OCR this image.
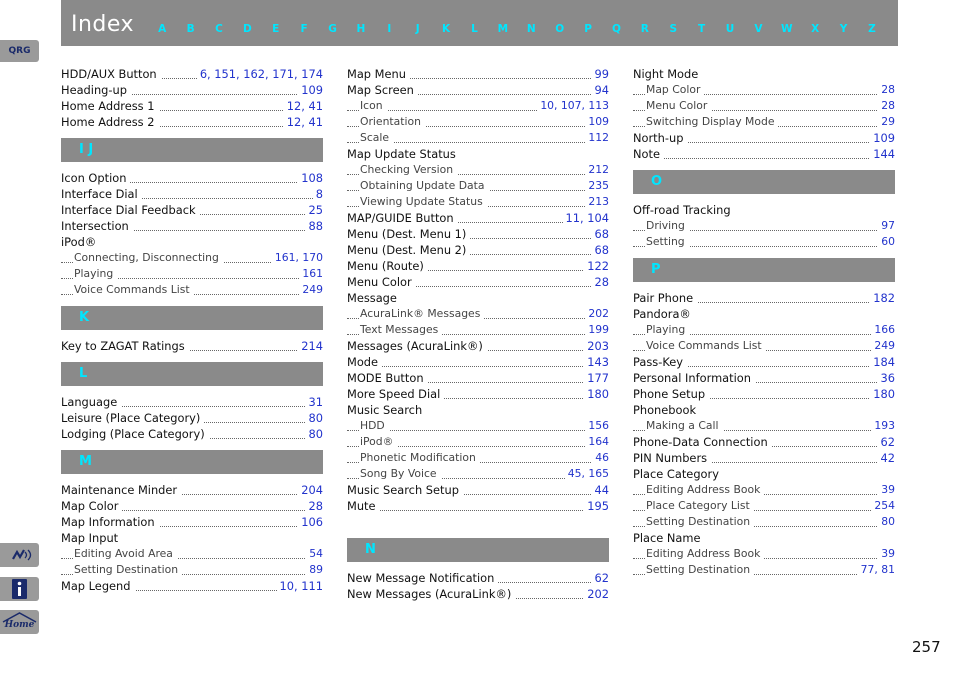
Index	A	B	C	D	E	F	G	H	I	J	K	L	M	N	O	P	Q	R	S	T	U	V	W	X	Y	Z
QRG
Home
HDD/AUX Button	6, 151, 162, 171, 174
Heading-up	109
Home Address 1	12, 41
Home Address 2	12, 41
I J
Icon Option	108
Interface Dial	8
Interface Dial Feedback	25
Intersection	88
iPod®
Connecting, Disconnecting	161, 170
Playing	161
Voice Commands List	249
K
Key to ZAGAT Ratings	214
L
Language	31
Leisure (Place Category)	80
Lodging (Place Category)	80
M
Maintenance Minder	204
Map Color	28
Map Information	106
Map Input
Editing Avoid Area	54
Setting Destination	89
Map Legend	10, 111
Map Menu	99
Map Screen	94
Icon	10, 107, 113
Orientation	109
Scale	112
Map Update Status
Checking Version	212
Obtaining Update Data	235
Viewing Update Status	213
MAP/GUIDE Button	11, 104
Menu (Dest. Menu 1)	68
Menu (Dest. Menu 2)	68
Menu (Route)	122
Menu Color	28
Message
AcuraLink® Messages	202
Text Messages	199
Messages (AcuraLink®)	203
Mode	143
MODE Button	177
More Speed Dial	180
Music Search
HDD	156
iPod®	164
Phonetic Modification	46
Song By Voice	45, 165
Music Search Setup	44
Mute	195
N
New Message Notification	62
New Messages (AcuraLink®)	202
Night Mode
Map Color	28
Menu Color	28
Switching Display Mode	29
North-up	109
Note	144
O
Off-road Tracking
Driving	97
Setting	60
P
Pair Phone	182
Pandora®
Playing	166
Voice Commands List	249
Pass-Key	184
Personal Information	36
Phone Setup	180
Phonebook
Making a Call	193
Phone-Data Connection	62
PIN Numbers	42
Place Category
Editing Address Book	39
Place Category List	254
Setting Destination	80
Place Name
Editing Address Book	39
Setting Destination	77, 81
257
